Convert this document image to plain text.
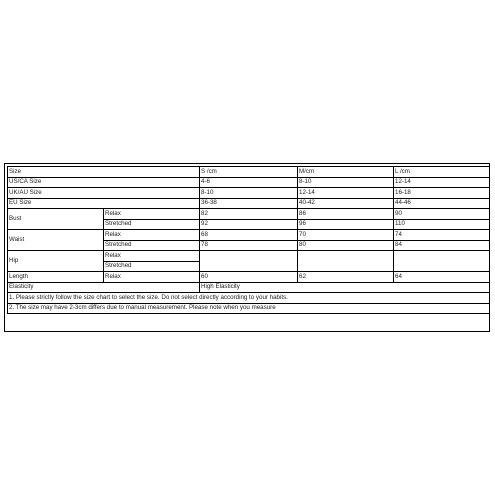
Size		S /cm	M/cm	L /cm
US/CA Size		4-6	8-10	12-14
UK/AU Size		8-10	12-14	16-18
EU Size		36-38	40-42	44-46
Bust	Relax	82	86	90
	Stretched	92	96	110
Waist	Relax	68	70	74
	Stretched	78	80	84
Hip	Relax			
	Stretched			
Length	Relax	60	62	64
Elasticity		High Elasticity		
1. Please strictly follow the size chart to select the size. Do not select directly according to your habits.				
2. The size may have 2-3cm differs due to manual measurement. Please note when you measure				
